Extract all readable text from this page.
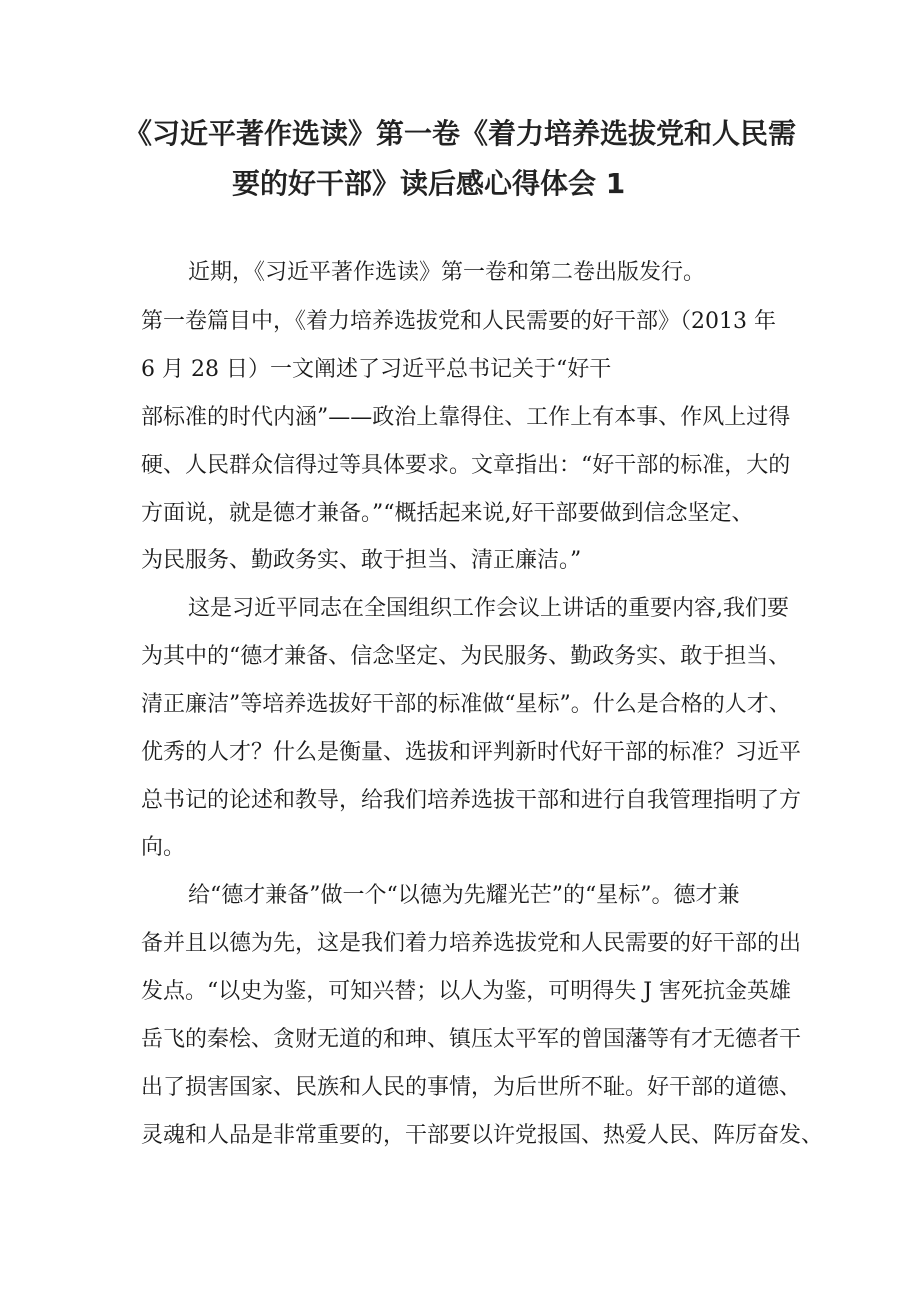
《习近平著作选读》第一卷《着力培养选拔党和人民需
要的好干部》读后感心得体会 1
近期，《习近平著作选读》第一卷和第二卷出版发行。
第一卷篇目中，《着力培养选拔党和人民需要的好干部》（2013 年
6 月 28 日）一文阐述了习近平总书记关于“好干
部标准的时代内涵”——政治上靠得住、工作上有本事、作风上过得
硬、人民群众信得过等具体要求。文章指出：“好干部的标准，大的
方面说，就是德才兼备。”“概括起来说,好干部要做到信念坚定、
为民服务、勤政务实、敢于担当、清正廉洁。”
这是习近平同志在全国组织工作会议上讲话的重要内容,我们要
为其中的“德才兼备、信念坚定、为民服务、勤政务实、敢于担当、
清正廉洁”等培养选拔好干部的标准做“星标”。什么是合格的人才、
优秀的人才？什么是衡量、选拔和评判新时代好干部的标准？习近平
总书记的论述和教导，给我们培养选拔干部和进行自我管理指明了方
向。
给“德才兼备”做一个“以德为先耀光芒”的“星标”。德才兼
备并且以德为先，这是我们着力培养选拔党和人民需要的好干部的出
发点。“以史为鉴，可知兴替；以人为鉴，可明得失 J 害死抗金英雄
岳飞的秦桧、贪财无道的和珅、镇压太平军的曾国藩等有才无德者干
出了损害国家、民族和人民的事情，为后世所不耻。好干部的道德、
灵魂和人品是非常重要的，干部要以许党报国、热爱人民、阵厉奋发、
